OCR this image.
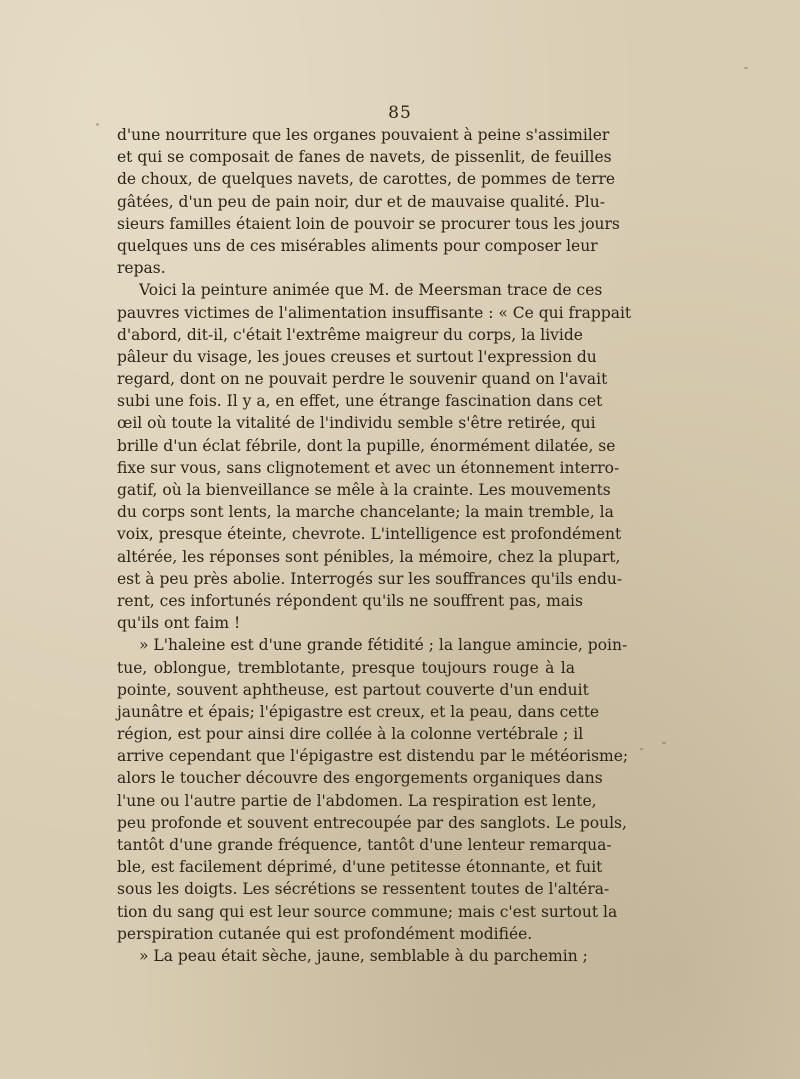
85
d'une nourriture que les organes pouvaient à peine s'assimiler
et qui se composait de fanes de navets, de pissenlit, de feuilles
de choux, de quelques navets, de carottes, de pommes de terre
gâtées, d'un peu de pain noir, dur et de mauvaise qualité. Plu-
sieurs familles étaient loin de pouvoir se procurer tous les jours
quelques uns de ces misérables aliments pour composer leur
repas.
Voici la peinture animée que M. de Meersman trace de ces
pauvres victimes de l'alimentation insuffisante : « Ce qui frappait
d'abord, dit-il, c'était l'extrême maigreur du corps, la livide
pâleur du visage, les joues creuses et surtout l'expression du
regard, dont on ne pouvait perdre le souvenir quand on l'avait
subi une fois. Il y a, en effet, une étrange fascination dans cet
œil où toute la vitalité de l'individu semble s'être retirée, qui
brille d'un éclat fébrile, dont la pupille, énormément dilatée, se
fixe sur vous, sans clignotement et avec un étonnement interro-
gatif, où la bienveillance se mêle à la crainte. Les mouvements
du corps sont lents, la marche chancelante; la main tremble, la
voix, presque éteinte, chevrote. L'intelligence est profondément
altérée, les réponses sont pénibles, la mémoire, chez la plupart,
est à peu près abolie. Interrogés sur les souffrances qu'ils endu-
rent, ces infortunés répondent qu'ils ne souffrent pas, mais
qu'ils ont faim !
» L'haleine est d'une grande fétidité ; la langue amincie, poin-
tue, oblongue, tremblotante, presque toujours rouge à la
pointe, souvent aphtheuse, est partout couverte d'un enduit
jaunâtre et épais; l'épigastre est creux, et la peau, dans cette
région, est pour ainsi dire collée à la colonne vertébrale ; il
arrive cependant que l'épigastre est distendu par le météorisme;
alors le toucher découvre des engorgements organiques dans
l'une ou l'autre partie de l'abdomen. La respiration est lente,
peu profonde et souvent entrecoupée par des sanglots. Le pouls,
tantôt d'une grande fréquence, tantôt d'une lenteur remarqua-
ble, est facilement déprimé, d'une petitesse étonnante, et fuit
sous les doigts. Les sécrétions se ressentent toutes de l'altéra-
tion du sang qui est leur source commune; mais c'est surtout la
perspiration cutanée qui est profondément modifiée.
» La peau était sèche, jaune, semblable à du parchemin ;
